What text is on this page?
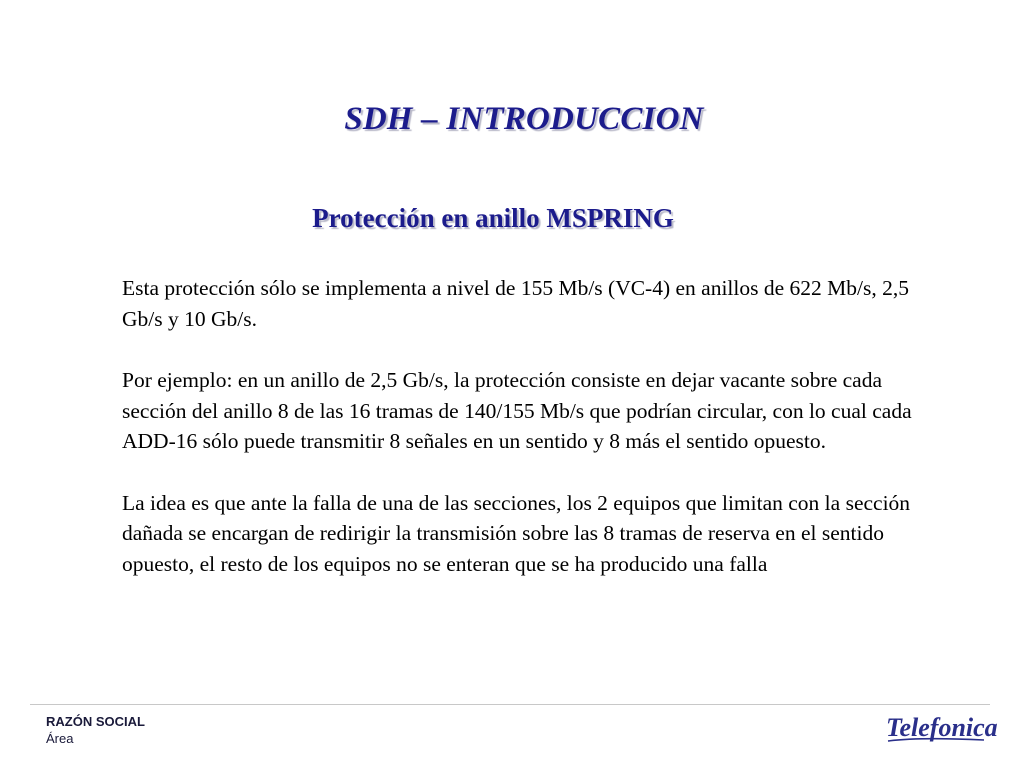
SDH – INTRODUCCION
Protección en anillo MSPRING

Esta protección sólo se implementa a nivel de 155 Mb/s (VC-4) en anillos de 622 Mb/s, 2,5 Gb/s y 10 Gb/s.

Por ejemplo: en un anillo de 2,5 Gb/s, la protección consiste en dejar vacante sobre cada sección del anillo 8 de las 16 tramas de 140/155 Mb/s que podrían circular, con lo cual cada ADD-16 sólo puede transmitir 8 señales en un sentido y 8 más el sentido opuesto.

La idea es que ante la falla de una de las secciones, los 2 equipos que limitan con la sección dañada se encargan de redirigir la transmisión sobre las 8 tramas de reserva en el sentido opuesto, el resto de los equipos no se enteran que se ha producido una falla

RAZÓN SOCIAL
Área	Telefonica
